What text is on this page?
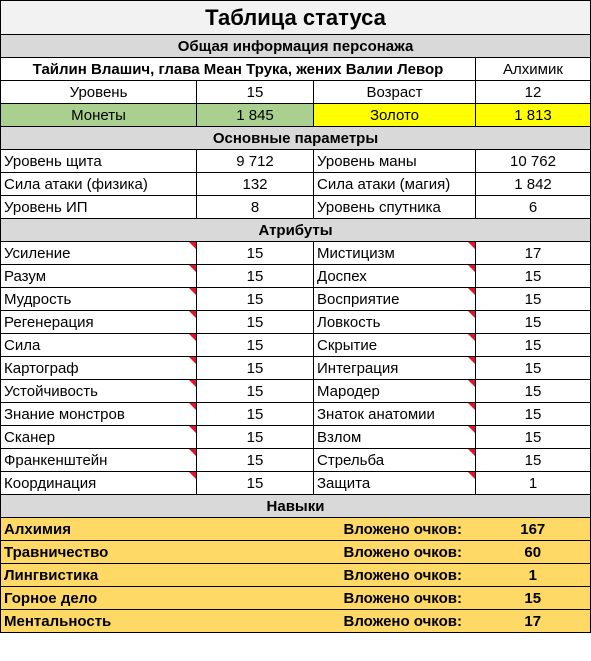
Таблица статуса			
Общая информация персонажа			
Тайлин Влашич, глава Меан Трука, жених Валии Левор			Алхимик
Уровень	15	Возраст	12
Монеты	1 845	Золото	1 813
Основные параметры			
Уровень щита	9 712	Уровень маны	10 762
Сила атаки (физика)	132	Сила атаки (магия)	1 842
Уровень ИП	8	Уровень спутника	6
Атрибуты			
Усиление	15	Мистицизм	17
Разум	15	Доспех	15
Мудрость	15	Восприятие	15
Регенерация	15	Ловкость	15
Сила	15	Скрытие	15
Картограф	15	Интеграция	15
Устойчивость	15	Мародер	15
Знание монстров	15	Знаток анатомии	15
Сканер	15	Взлом	15
Франкенштейн	15	Стрельба	15
Координация	15	Защита	1
Навыки			
Алхимия		Вложено очков:	167
Травничество		Вложено очков:	60
Лингвистика		Вложено очков:	1
Горное дело		Вложено очков:	15
Ментальность		Вложено очков:	17
